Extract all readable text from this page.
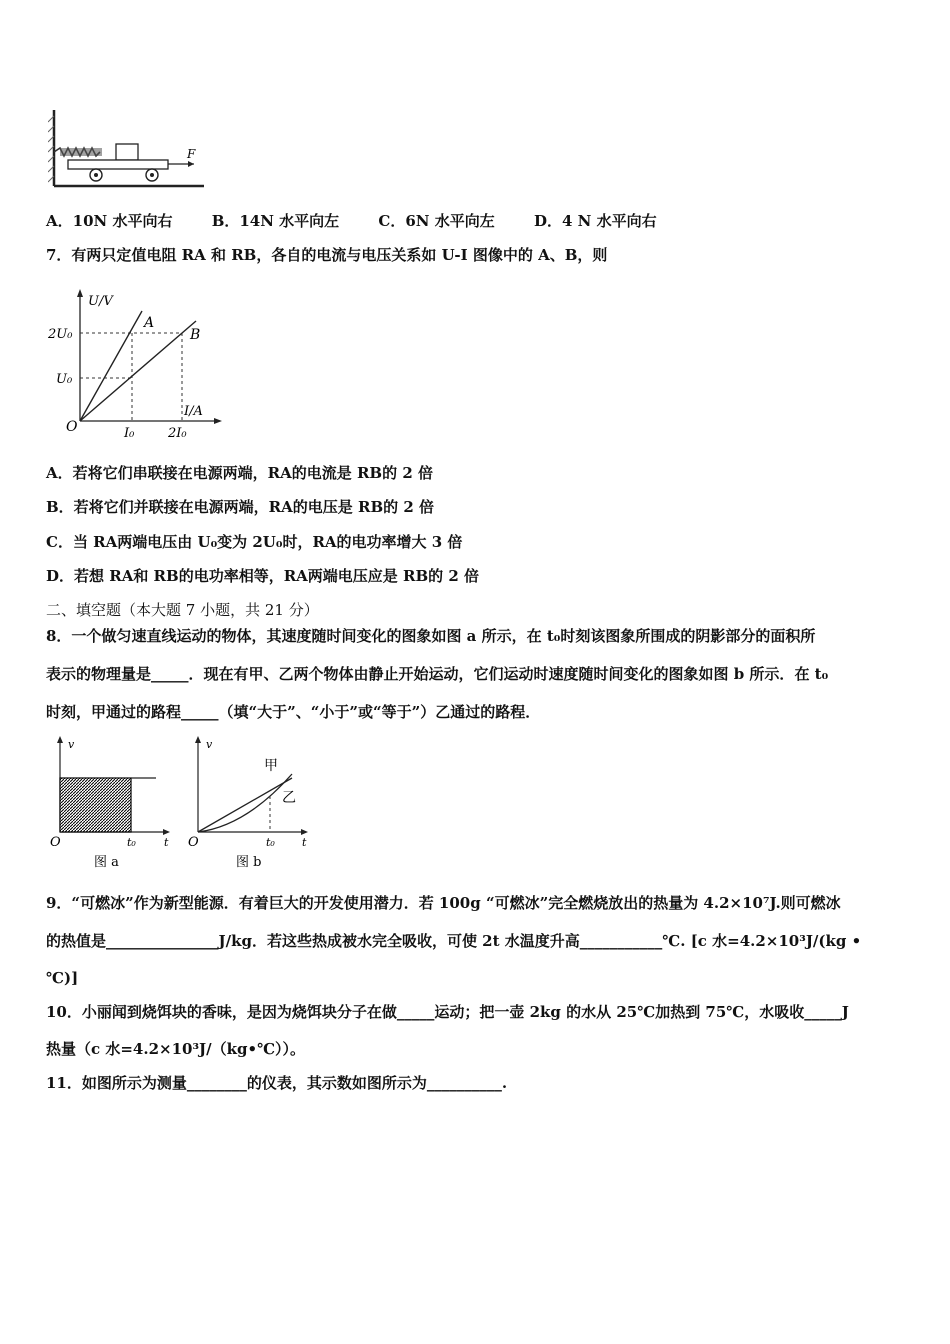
F
A．10N 水平向右	B．14N 水平向左	C．6N 水平向左	D．4 N 水平向右
7．有两只定值电阻 RA 和 RB，各自的电流与电压关系如 U-I 图像中的 A、B，则
U/V
I/A
O
2U₀
U₀
I₀	2I₀
A
B
A．若将它们串联接在电源两端，RA的电流是 RB的 2 倍
B．若将它们并联接在电源两端，RA的电压是 RB的 2 倍
C．当 RA两端电压由 U₀变为 2U₀时，RA的电功率增大 3 倍
D．若想 RA和 RB的电功率相等，RA两端电压应是 RB的 2 倍
二、填空题（本大题 7 小题，共 21 分）
8．一个做匀速直线运动的物体，其速度随时间变化的图象如图 a 所示，在 t₀时刻该图象所围成的阴影部分的面积所
表示的物理量是_____．现在有甲、乙两个物体由静止开始运动，它们运动时速度随时间变化的图象如图 b 所示．在 t₀
时刻，甲通过的路程_____（填“大于”、“小于”或“等于”）乙通过的路程．
v
t
O	t₀
图 a
v
t
O	t₀
甲
乙
图 b
9．“可燃冰”作为新型能源．有着巨大的开发使用潜力．若 100g “可燃冰”完全燃烧放出的热量为 4.2×10⁷J.则可燃冰
的热值是_______________J/kg．若这些热成被水完全吸收，可使 2t 水温度升高___________℃. [c 水=4.2×10³J/(kg •
℃)]
10．小丽闻到烧饵块的香味，是因为烧饵块分子在做_____运动；把一壶 2kg 的水从 25℃加热到 75℃，水吸收_____J
热量（c 水=4.2×10³J/（kg•℃））。
11．如图所示为测量________的仪表，其示数如图所示为__________.
